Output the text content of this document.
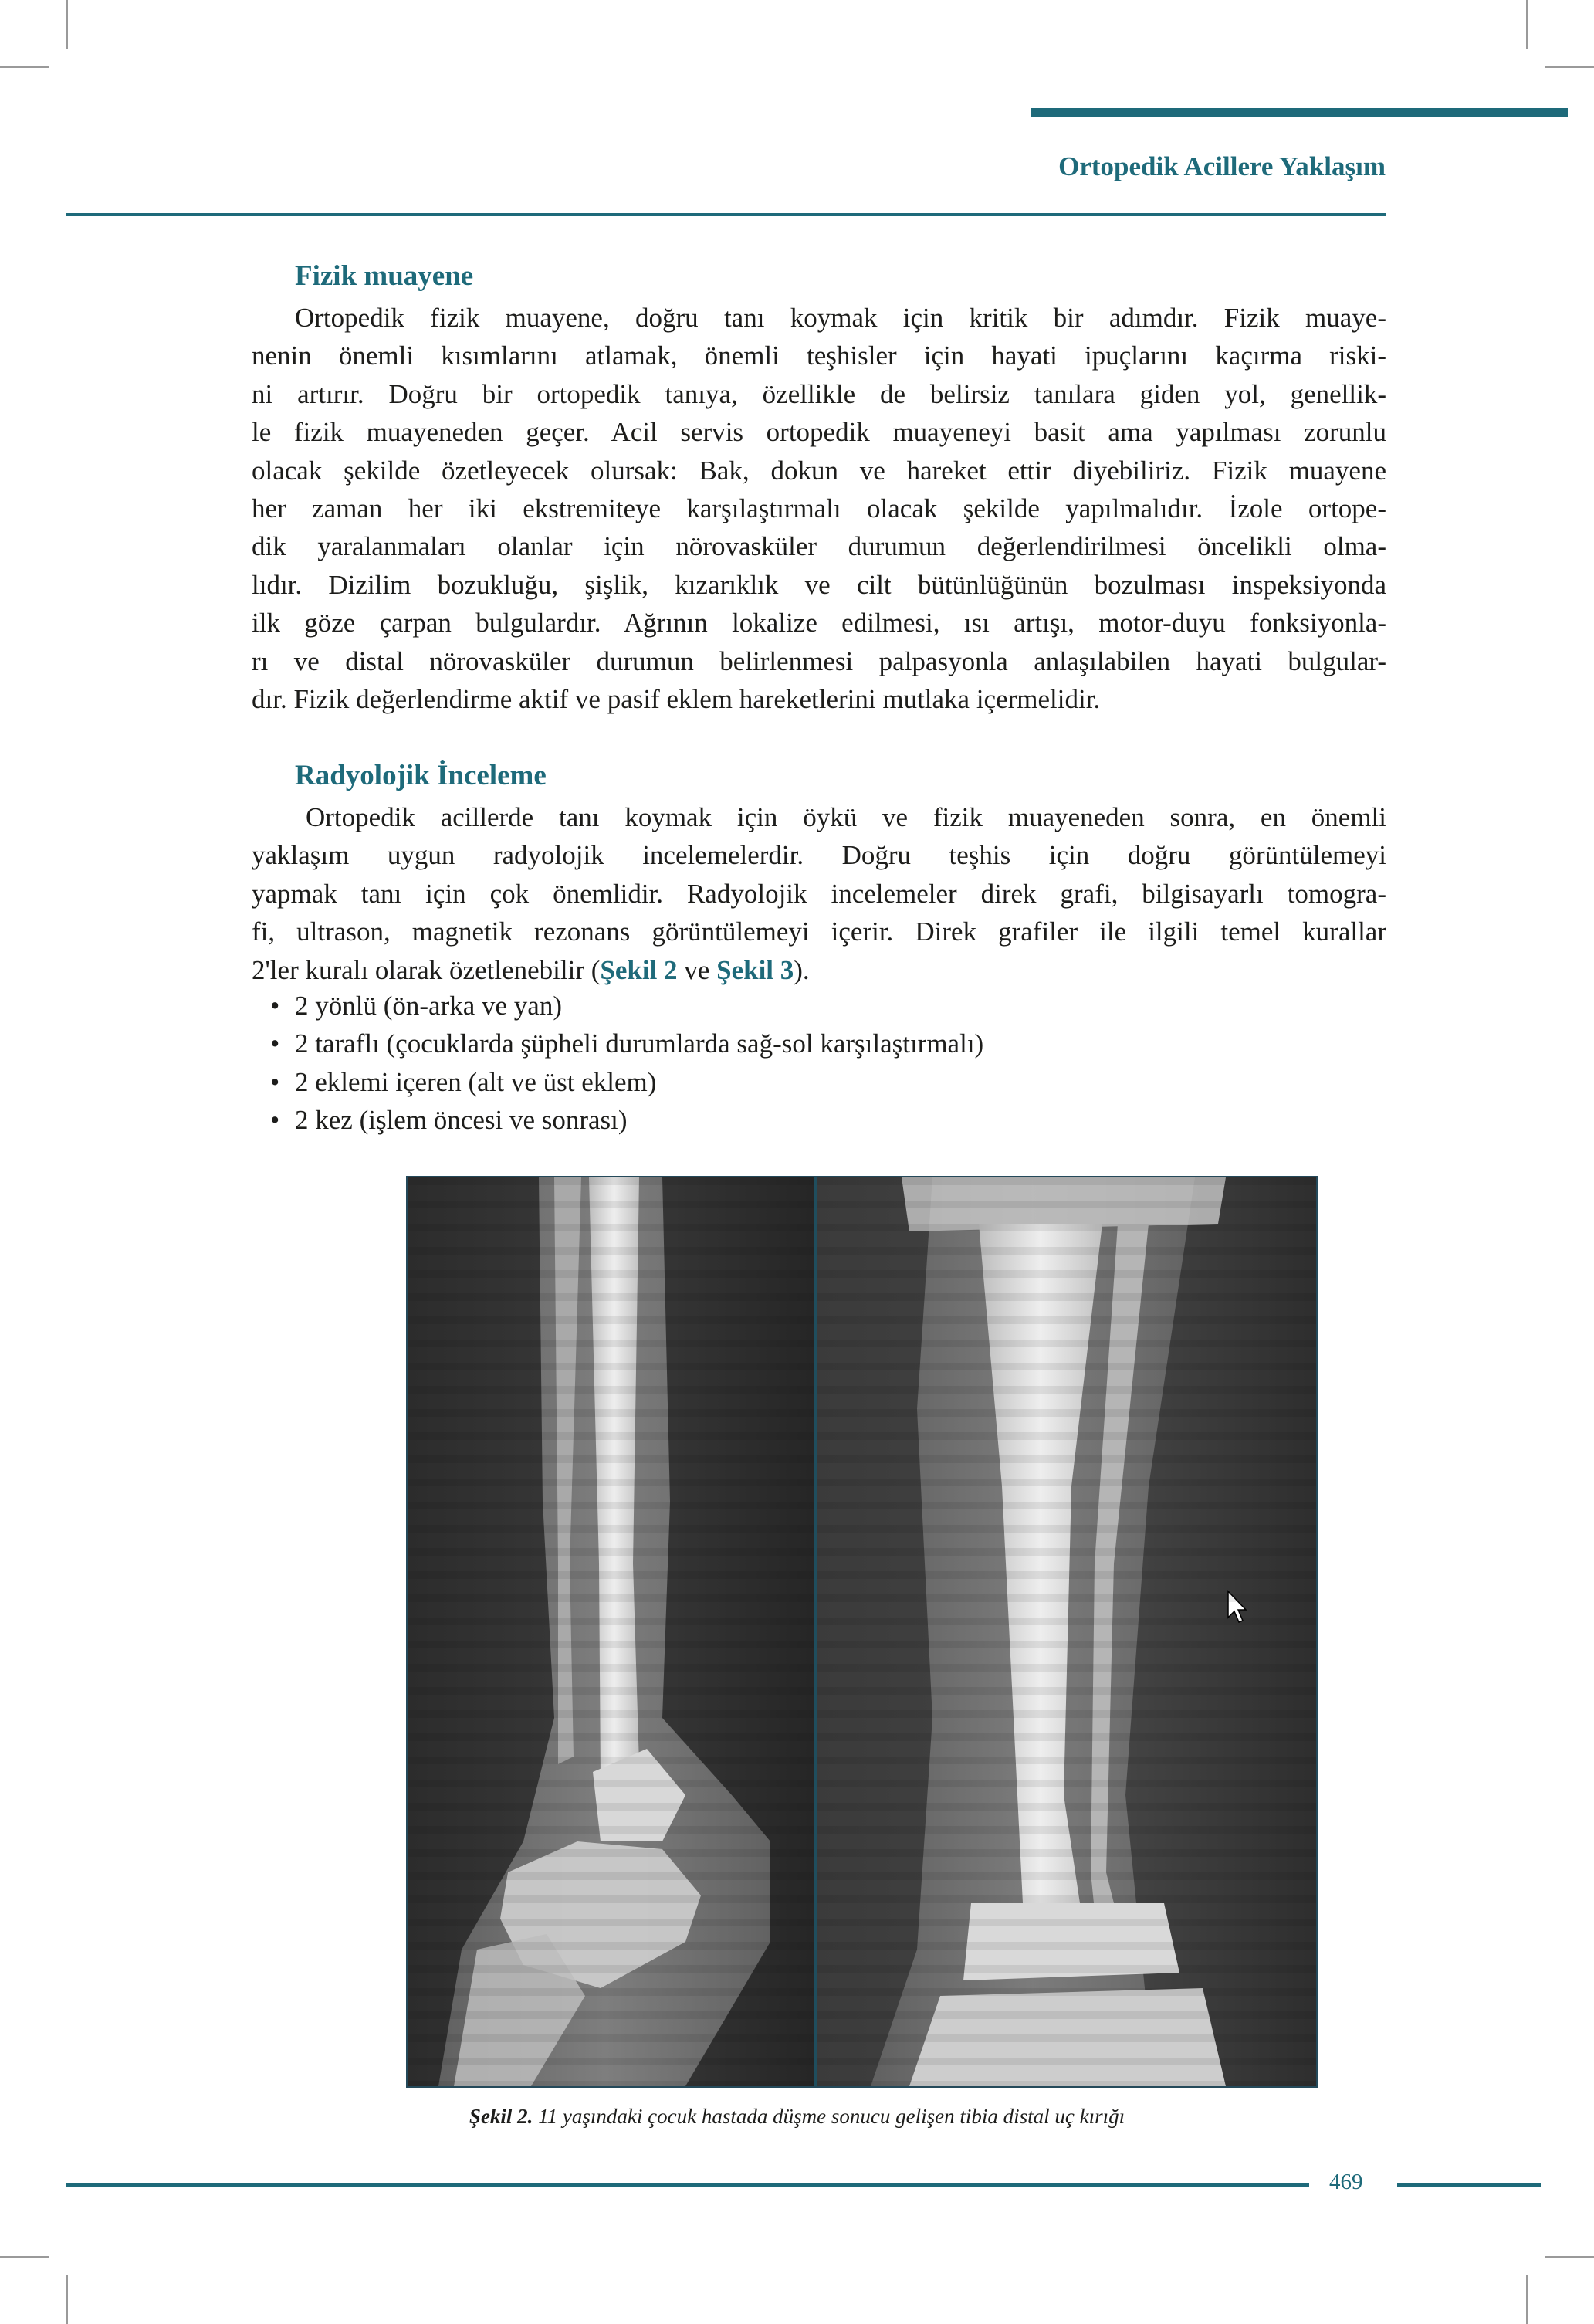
Ortopedik Acillere Yaklaşım
Fizik muayene
Ortopedik fizik muayene, doğru tanı koymak için kritik bir adımdır. Fizik muaye-
nenin önemli kısımlarını atlamak, önemli teşhisler için hayati ipuçlarını kaçırma riski-
ni artırır. Doğru bir ortopedik tanıya, özellikle de belirsiz tanılara giden yol, genellik-
le fizik muayeneden geçer. Acil servis ortopedik muayeneyi basit ama yapılması zorunlu
olacak şekilde özetleyecek olursak: Bak, dokun ve hareket ettir diyebiliriz. Fizik muayene
her zaman her iki ekstremiteye karşılaştırmalı olacak şekilde yapılmalıdır. İzole ortope-
dik yaralanmaları olanlar için nörovasküler durumun değerlendirilmesi öncelikli olma-
lıdır. Dizilim bozukluğu, şişlik, kızarıklık ve cilt bütünlüğünün bozulması inspeksiyonda
ilk göze çarpan bulgulardır. Ağrının lokalize edilmesi, ısı artışı, motor-duyu fonksiyonla-
rı ve distal nörovasküler durumun belirlenmesi palpasyonla anlaşılabilen hayati bulgular-
dır. Fizik değerlendirme aktif ve pasif eklem hareketlerini mutlaka içermelidir.
Radyolojik İnceleme
Ortopedik acillerde tanı koymak için öykü ve fizik muayeneden sonra, en önemli
yaklaşım uygun radyolojik incelemelerdir. Doğru teşhis için doğru görüntülemeyi
yapmak tanı için çok önemlidir. Radyolojik incelemeler direk grafi, bilgisayarlı tomogra-
fi, ultrason, magnetik rezonans görüntülemeyi içerir. Direk grafiler ile ilgili temel kurallar
2'ler kuralı olarak özetlenebilir (Şekil 2 ve Şekil 3).
• 2 yönlü (ön-arka ve yan)
• 2 taraflı (çocuklarda şüpheli durumlarda sağ-sol karşılaştırmalı)
• 2 eklemi içeren (alt ve üst eklem)
• 2 kez (işlem öncesi ve sonrası)
Şekil 2. 11 yaşındaki çocuk hastada düşme sonucu gelişen tibia distal uç kırığı
469
